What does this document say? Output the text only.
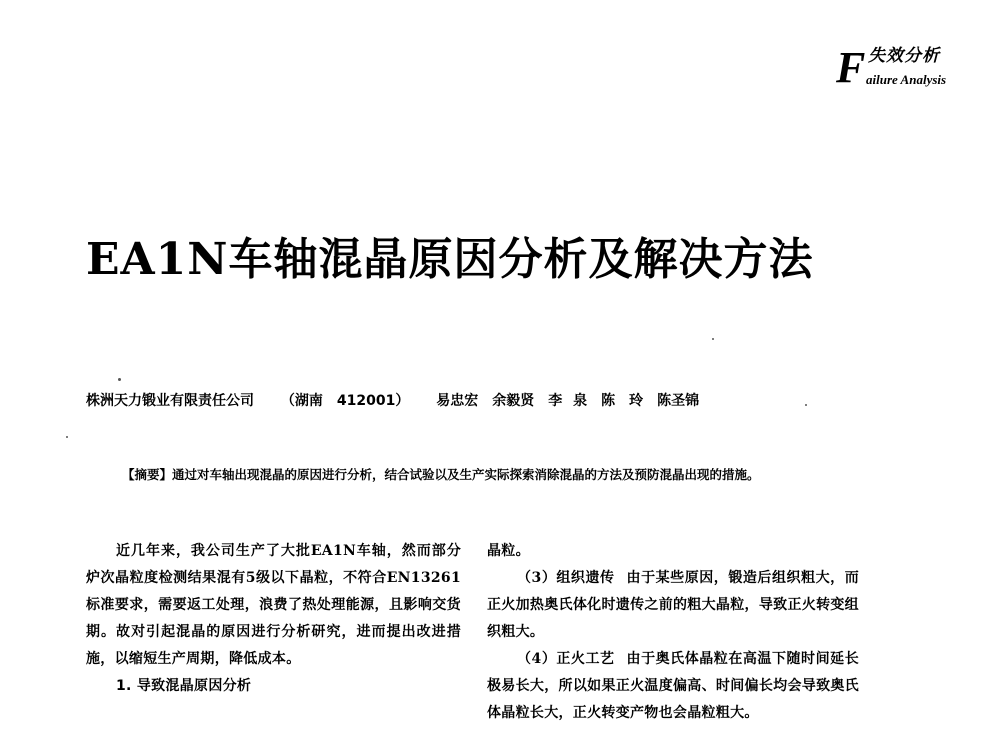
F 失效分析
ailure Analysis
EA1N车轴混晶原因分析及解决方法
株洲天力锻业有限责任公司 （湖南　412001） 易忠宏　余毅贤　李 泉　陈　玲　陈圣锦
【摘要】通过对车轴出现混晶的原因进行分析，结合试验以及生产实际探索消除混晶的方法及预防混晶出现的措施。

近几年来，我公司生产了大批EA1N车轴，然而部分炉次晶粒度检测结果混有5级以下晶粒，不符合EN13261标准要求，需要返工处理，浪费了热处理能源，且影响交货期。故对引起混晶的原因进行分析研究，进而提出改进措施，以缩短生产周期，降低成本。

1. 导致混晶原因分析

晶粒。

（3）组织遗传 由于某些原因，锻造后组织粗大，而正火加热奥氏体化时遗传之前的粗大晶粒，导致正火转变组织粗大。

（4）正火工艺 由于奥氏体晶粒在高温下随时间延长极易长大，所以如果正火温度偏高、时间偏长均会导致奥氏体晶粒长大，正火转变产物也会晶粒粗大。
